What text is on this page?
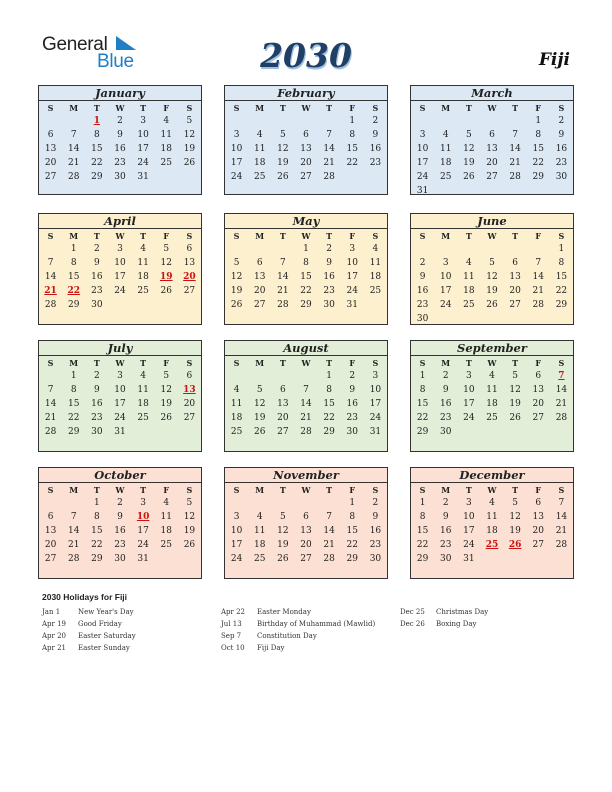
General
Blue	2030	Fiji
January
S	M	T	W	T	F	S
		1	2	3	4	5
6	7	8	9	10	11	12
13	14	15	16	17	18	19
20	21	22	23	24	25	26
27	28	29	30	31		
February
S	M	T	W	T	F	S
					1	2
3	4	5	6	7	8	9
10	11	12	13	14	15	16
17	18	19	20	21	22	23
24	25	26	27	28		
March
S	M	T	W	T	F	S
					1	2
3	4	5	6	7	8	9
10	11	12	13	14	15	16
17	18	19	20	21	22	23
24	25	26	27	28	29	30
31						
April
S	M	T	W	T	F	S
	1	2	3	4	5	6
7	8	9	10	11	12	13
14	15	16	17	18	19	20
21	22	23	24	25	26	27
28	29	30				
May
S	M	T	W	T	F	S
			1	2	3	4
5	6	7	8	9	10	11
12	13	14	15	16	17	18
19	20	21	22	23	24	25
26	27	28	29	30	31	
June
S	M	T	W	T	F	S
						1
2	3	4	5	6	7	8
9	10	11	12	13	14	15
16	17	18	19	20	21	22
23	24	25	26	27	28	29
30						
July
S	M	T	W	T	F	S
	1	2	3	4	5	6
7	8	9	10	11	12	13
14	15	16	17	18	19	20
21	22	23	24	25	26	27
28	29	30	31			
August
S	M	T	W	T	F	S
				1	2	3
4	5	6	7	8	9	10
11	12	13	14	15	16	17
18	19	20	21	22	23	24
25	26	27	28	29	30	31
September
S	M	T	W	T	F	S
1	2	3	4	5	6	7
8	9	10	11	12	13	14
15	16	17	18	19	20	21
22	23	24	25	26	27	28
29	30					
October
S	M	T	W	T	F	S
		1	2	3	4	5
6	7	8	9	10	11	12
13	14	15	16	17	18	19
20	21	22	23	24	25	26
27	28	29	30	31		
November
S	M	T	W	T	F	S
					1	2
3	4	5	6	7	8	9
10	11	12	13	14	15	16
17	18	19	20	21	22	23
24	25	26	27	28	29	30
December
S	M	T	W	T	F	S
1	2	3	4	5	6	7
8	9	10	11	12	13	14
15	16	17	18	19	20	21
22	23	24	25	26	27	28
29	30	31				
2030 Holidays for Fiji
Jan 1	New Year's Day
Apr 19 Good Friday
Apr 20 Easter Saturday
Apr 21 Easter Sunday
Apr 22 Easter Monday
Jul 13 Birthday of Muhammad (Mawlid)
Sep 7 Constitution Day
Oct 10 Fiji Day
Dec 25 Christmas Day
Dec 26 Boxing Day
